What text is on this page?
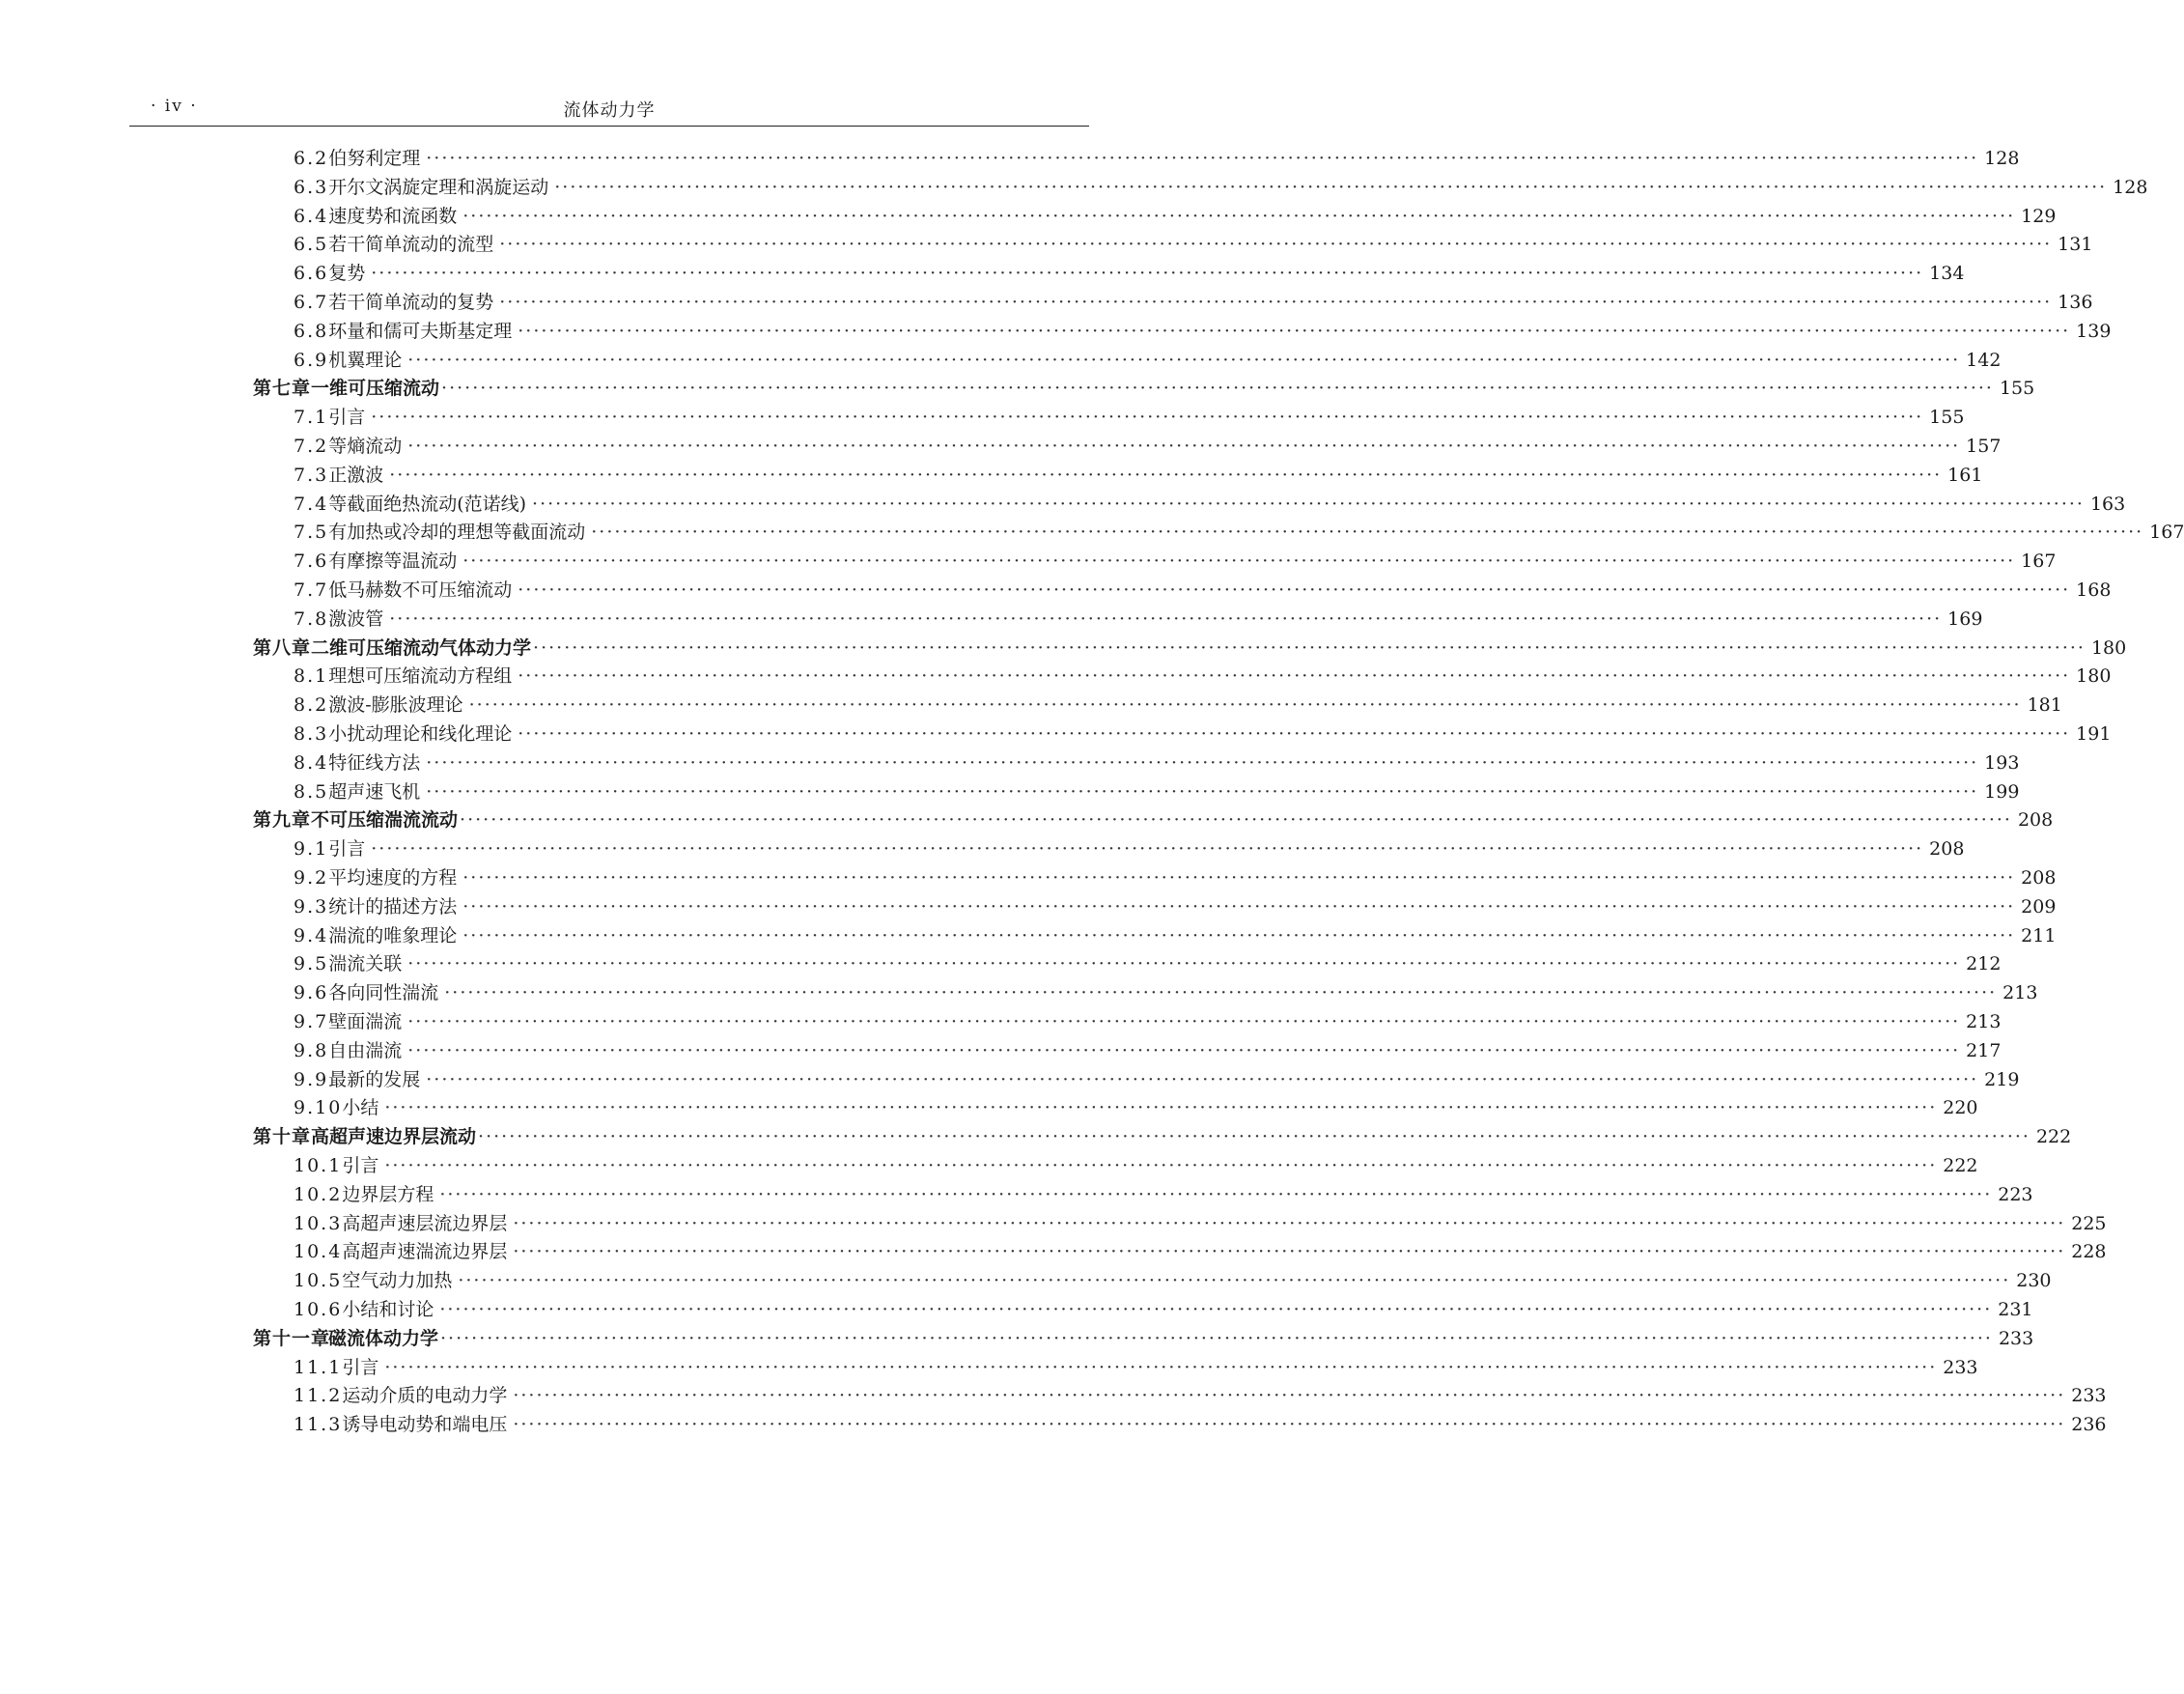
· iv ·	流体动力学
6.2 伯努利定理 ········································································································································································································ 128
6.3 开尔文涡旋定理和涡旋运动 ········································································································································································································ 128
6.4 速度势和流函数 ········································································································································································································ 129
6.5 若干简单流动的流型 ········································································································································································································ 131
6.6 复势 ········································································································································································································ 134
6.7 若干简单流动的复势 ········································································································································································································ 136
6.8 环量和儒可夫斯基定理 ········································································································································································································ 139
6.9 机翼理论 ········································································································································································································ 142
第七章 一维可压缩流动 ········································································································································································································ 155
7.1 引言 ········································································································································································································ 155
7.2 等熵流动 ········································································································································································································ 157
7.3 正激波 ········································································································································································································ 161
7.4 等截面绝热流动(范诺线) ········································································································································································································ 163
7.5 有加热或冷却的理想等截面流动 ········································································································································································································ 167
7.6 有摩擦等温流动 ········································································································································································································ 167
7.7 低马赫数不可压缩流动 ········································································································································································································ 168
7.8 激波管 ········································································································································································································ 169
第八章 二维可压缩流动气体动力学 ········································································································································································································ 180
8.1 理想可压缩流动方程组 ········································································································································································································ 180
8.2 激波-膨胀波理论 ········································································································································································································ 181
8.3 小扰动理论和线化理论 ········································································································································································································ 191
8.4 特征线方法 ········································································································································································································ 193
8.5 超声速飞机 ········································································································································································································ 199
第九章 不可压缩湍流流动 ········································································································································································································ 208
9.1 引言 ········································································································································································································ 208
9.2 平均速度的方程 ········································································································································································································ 208
9.3 统计的描述方法 ········································································································································································································ 209
9.4 湍流的唯象理论 ········································································································································································································ 211
9.5 湍流关联 ········································································································································································································ 212
9.6 各向同性湍流 ········································································································································································································ 213
9.7 壁面湍流 ········································································································································································································ 213
9.8 自由湍流 ········································································································································································································ 217
9.9 最新的发展 ········································································································································································································ 219
9.10 小结 ········································································································································································································ 220
第十章 高超声速边界层流动 ········································································································································································································ 222
10.1 引言 ········································································································································································································ 222
10.2 边界层方程 ········································································································································································································ 223
10.3 高超声速层流边界层 ········································································································································································································ 225
10.4 高超声速湍流边界层 ········································································································································································································ 228
10.5 空气动力加热 ········································································································································································································ 230
10.6 小结和讨论 ········································································································································································································ 231
第十一章
磁流体动力学 ········································································································································································································ 233
11.1 引言 ········································································································································································································ 233
11.2 运动介质的电动力学 ········································································································································································································ 233
11.3 诱导电动势和端电压 ········································································································································································································ 236
